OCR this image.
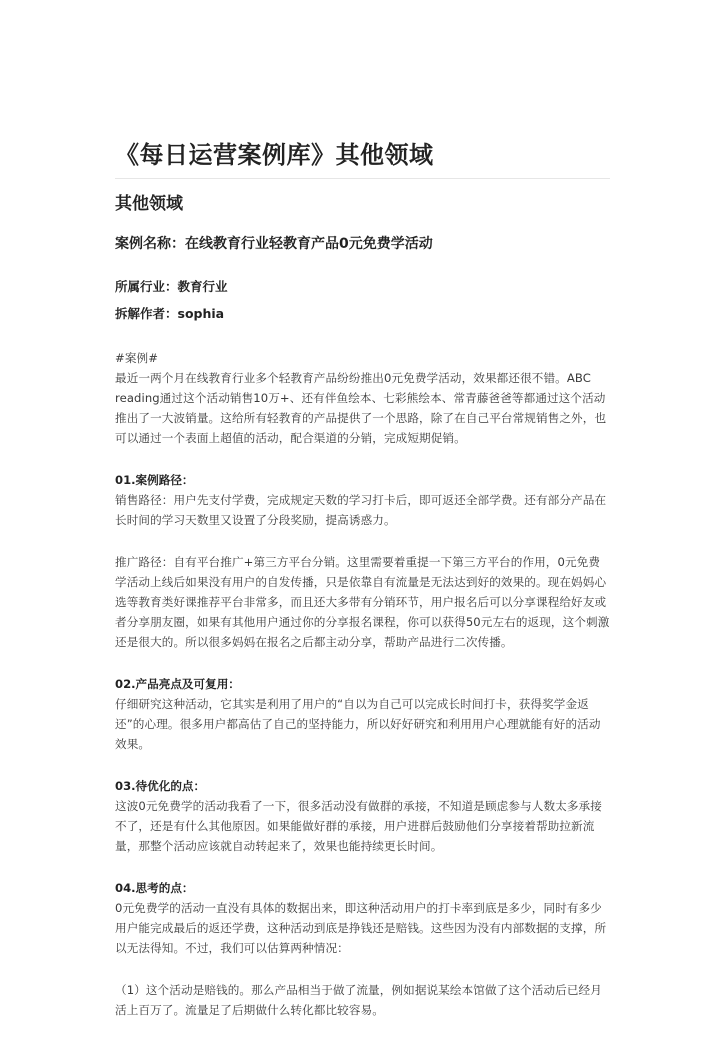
《每日运营案例库》其他领域
其他领域
案例名称：在线教育行业轻教育产品0元免费学活动
所属行业：教育行业
拆解作者：sophia
#案例#

最近一两个月在线教育行业多个轻教育产品纷纷推出0元免费学活动，效果都还很不错。ABC reading通过这个活动销售10万+、还有伴鱼绘本、七彩熊绘本、常青藤爸爸等都通过这个活动推出了一大波销量。这给所有轻教育的产品提供了一个思路，除了在自己平台常规销售之外，也可以通过一个表面上超值的活动，配合渠道的分销，完成短期促销。

01.案例路径：

销售路径：用户先支付学费，完成规定天数的学习打卡后，即可返还全部学费。还有部分产品在长时间的学习天数里又设置了分段奖励，提高诱惑力。

推广路径：自有平台推广+第三方平台分销。这里需要着重提一下第三方平台的作用，0元免费学活动上线后如果没有用户的自发传播，只是依靠自有流量是无法达到好的效果的。现在妈妈心选等教育类好课推荐平台非常多，而且还大多带有分销环节，用户报名后可以分享课程给好友或者分享朋友圈，如果有其他用户通过你的分享报名课程，你可以获得50元左右的返现，这个刺激还是很大的。所以很多妈妈在报名之后都主动分享，帮助产品进行二次传播。

02.产品亮点及可复用：

仔细研究这种活动，它其实是利用了用户的“自以为自己可以完成长时间打卡，获得奖学金返还”的心理。很多用户都高估了自己的坚持能力，所以好好研究和利用用户心理就能有好的活动效果。

03.待优化的点：

这波0元免费学的活动我看了一下，很多活动没有做群的承接，不知道是顾虑参与人数太多承接不了，还是有什么其他原因。如果能做好群的承接，用户进群后鼓励他们分享接着帮助拉新流量，那整个活动应该就自动转起来了，效果也能持续更长时间。

04.思考的点：

0元免费学的活动一直没有具体的数据出来，即这种活动用户的打卡率到底是多少，同时有多少用户能完成最后的返还学费，这种活动到底是挣钱还是赔钱。这些因为没有内部数据的支撑，所以无法得知。不过，我们可以估算两种情况：

（1）这个活动是赔钱的。那么产品相当于做了流量，例如据说某绘本馆做了这个活动后已经月活上百万了。流量足了后期做什么转化都比较容易。
